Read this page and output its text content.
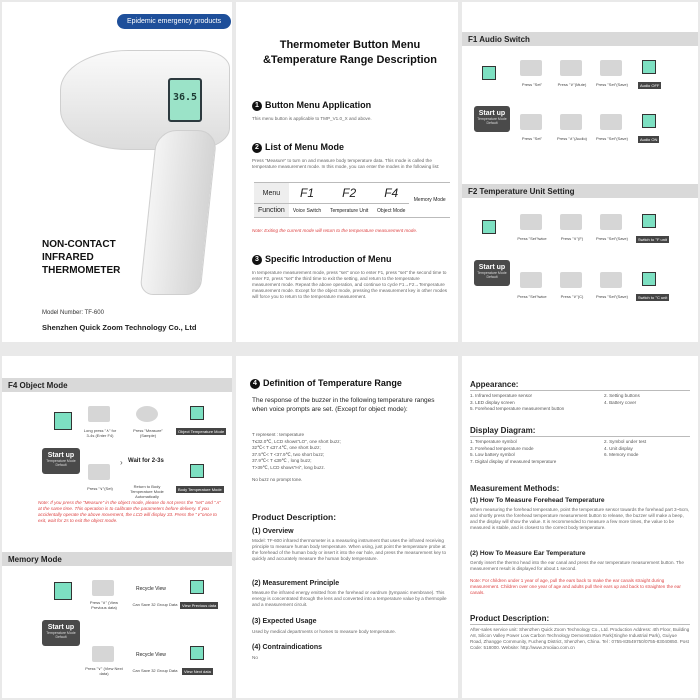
Epidemic emergency products
36.5
NON-CONTACT
INFRARED
THERMOMETER
Model Number: TF-600
Shenzhen Quick Zoom Technology Co., Ltd
Thermometer Button Menu
&Temperature Range Description
1 Button Menu Application
This menu button is applicable to TMP_V1.0_X and above.
2 List of Menu Mode
Press "Measure" to turn on and measure body temperature data. This mode is called the temperature measurement mode. In this mode, you can enter the modes in the following list:
Menu	F1	F2	F4	Memory Mode
Function	Voice Switch	Temperature Unit	Object Mode	
Note: Exiting the current mode will return to the temperature measurement mode.
3 Specific Introduction of Menu
In temperature measurement mode, press "set" once to enter F1, press "set" the second time to enter F2, press "set" the third time to exit the setting, and return to the temperature measurement mode. Repeat the above operation, and continue to cycle F1→F2→Temperature measurement mode. Except for the object mode, pressing the measurement key in other modes will force you to return to the temperature measurement.
F1 Audio Switch
Start up
Temperature Mode Default
Press "Set"	Press "∨"(Mute)	Press "Set"(Save)	Audio OFF
Press "Set"	Press "∧"(Audio)	Press "Set"(Save)	Audio ON
F2 Temperature Unit Setting
Start up
Temperature Mode Default
Press "Set"twice	Press "∨"(F)	Press "Set"(Save)	Switch to °F unit
Press "Set"twice	Press "∨"(C)	Press "Set"(Save)	Switch to °C unit
F4 Object Mode
Start up
Temperature Mode Default
Long press "∧" for 3-4s (Enter F4)
Press "Measure" (Sample)
Object Temperature Mode
› Wait for 2-3s
Press "∨"(Set)	Return to Body Temperature Mode Automatically
Body Temperature Mode
Note: If you press the "Measure" in the object mode, please do not press the "set" and "∧" at the same time. This operation is to calibrate the parameters before delivery. If you accidentally operate the above movement, the LCD will display 33. Press the "∨"once to exit, wait for 2s to exit the object mode.
Memory Mode
Start up
Temperature Mode Default
Press "∧" (View Previous data)
Recycle View
Can Save 32 Group Data	View Previous data
Press "∨" (View Next data)
Recycle View
Can Save 32 Group Data	View Next data
4 Definition of Temperature Range
The response of the buzzer in the following temperature ranges when voice prompts are set. (Except for object mode):
T represent : temperature
T≤32.0℃, LCD shows"LO", one short buzz;
32℃< T ≤37.4℃, one short buzz;
37.5℃< T <37.9℃, two short buzz;
37.9℃< T ≤39℃ , long buzz;
T>39℃, LCD shows"Hi", long buzz.
No buzz no prompt tone.
Product Description:
(1) Overview
Model: TF-600 infrared thermometer is a measuring instrument that uses the infrared receiving principle to measure human body temperature. When using, just point the temperature probe at the forehead of the human body or insert it into the ear hole, and press the measurement key to quickly and accurately measure the human body temperature.
(2) Measurement Principle
Measure the infrared energy emitted from the forehead or eardrum (tympanic membrane). This energy is concentrated through the lens and converted into a temperature value by a thermopile and a measurement circuit.
(3) Expected Usage
Used by medical departments or homes to measure body temperature.
(4) Contraindications
No
Appearance:
1. Infrared temperature sensor
3. LED display screen
5. Forehead temperature measurement button
2. Setting buttons
4. Battery cover
Display Diagram:
1. Temperature symbol
3. Forehead temperature mode
5. Low battery symbol
7. Digital display of measured temperature
2. Symbol under test
4. Unit display
6. Memory mode
Measurement Methods:
(1) How To Measure Forehead Temperature
When measuring the forehead temperature, point the temperature sensor towards the forehead part 3~5cm, and shortly press the forehead temperature measurement button to release, the buzzer will make a beep, and the display will show the value. It is recommended to measure a few more times, the value to be measured is stable, and is closest to the correct body temperature.
(2) How To Measure Ear Temperature
Gently insert the thermo head into the ear canal and press the ear temperature measurement button. The measurement result is displayed for about 1 second.
Note: For children under 1 year of age, pull the ears back to make the ear canals straight during measurement. Children over one year of age and adults pull their ears up and back to straighten the ear canals.
Product Description:
After-sales service unit: Shenzhen Quick Zoom Technology Co., Ltd. Production Address: 4th Floor, Building A8, Silicon Valley Power Low Carbon Technology Demonstration Park(Xinghe Industrial Park), Guiyue Road, Zhangge Community, Fucheng District, Shenzhen, China. Tel : 0755-83549750/0755-83040850. Post Code: 518000. Website: http://www.zmoiiao.com.cn
